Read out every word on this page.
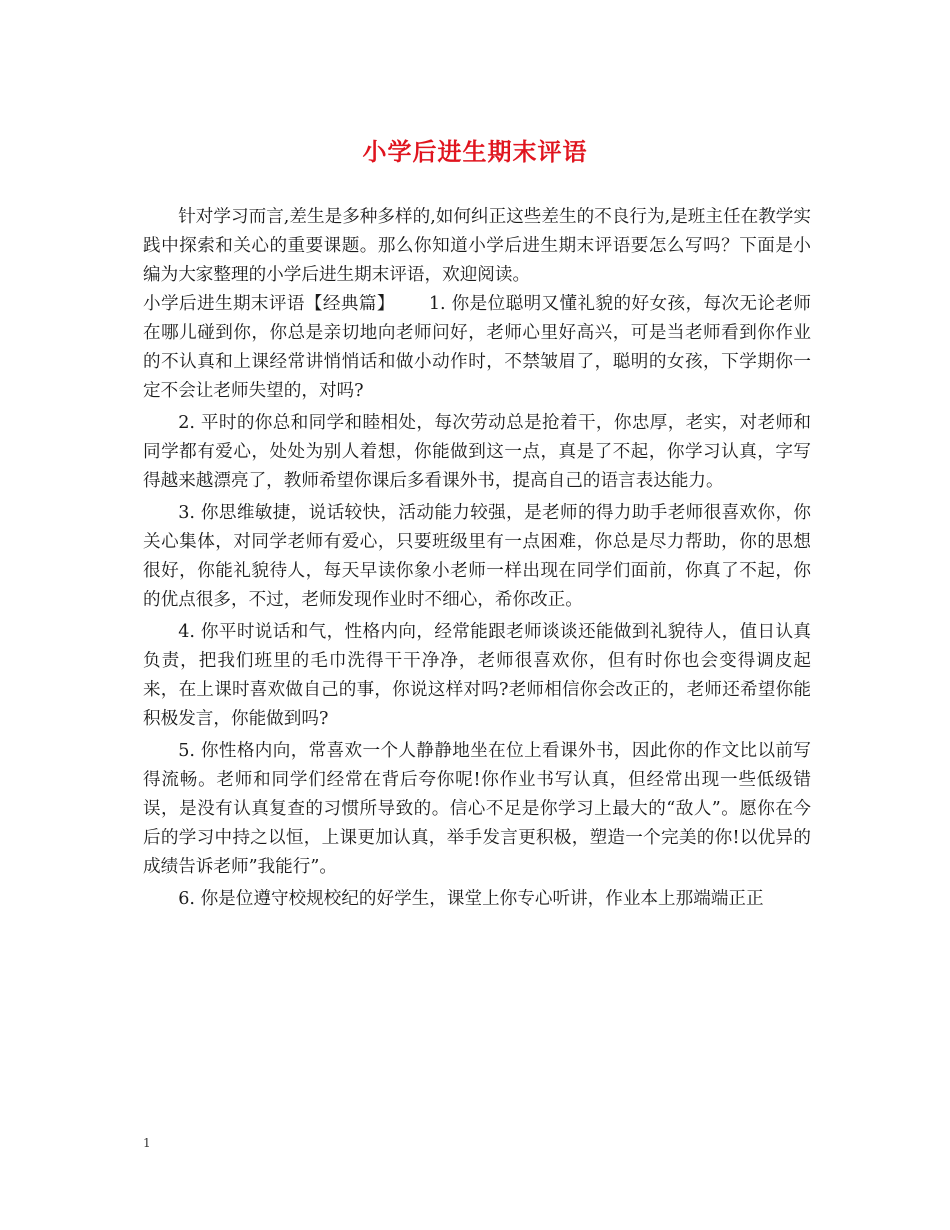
小学后进生期末评语

针对学习而言,差生是多种多样的,如何纠正这些差生的不良行为,是班主任在教学实践中探索和关心的重要课题。那么你知道小学后进生期末评语要怎么写吗？下面是小编为大家整理的小学后进生期末评语，欢迎阅读。

小学后进生期末评语【经典篇】 1. 你是位聪明又懂礼貌的好女孩，每次无论老师在哪儿碰到你，你总是亲切地向老师问好，老师心里好高兴，可是当老师看到你作业的不认真和上课经常讲悄悄话和做小动作时，不禁皱眉了，聪明的女孩，下学期你一定不会让老师失望的，对吗?

2. 平时的你总和同学和睦相处，每次劳动总是抢着干，你忠厚，老实，对老师和同学都有爱心，处处为别人着想，你能做到这一点，真是了不起，你学习认真，字写得越来越漂亮了，教师希望你课后多看课外书，提高自己的语言表达能力。

3. 你思维敏捷，说话较快，活动能力较强，是老师的得力助手老师很喜欢你，你关心集体，对同学老师有爱心，只要班级里有一点困难，你总是尽力帮助，你的思想很好，你能礼貌待人，每天早读你象小老师一样出现在同学们面前，你真了不起，你的优点很多，不过，老师发现作业时不细心，希你改正。

4. 你平时说话和气，性格内向，经常能跟老师谈谈还能做到礼貌待人，值日认真负责，把我们班里的毛巾洗得干干净净，老师很喜欢你，但有时你也会变得调皮起来，在上课时喜欢做自己的事，你说这样对吗?老师相信你会改正的，老师还希望你能积极发言，你能做到吗?

5. 你性格内向，常喜欢一个人静静地坐在位上看课外书，因此你的作文比以前写得流畅。老师和同学们经常在背后夸你呢!你作业书写认真，但经常出现一些低级错误，是没有认真复查的习惯所导致的。信心不足是你学习上最大的“敌人”。愿你在今后的学习中持之以恒，上课更加认真，举手发言更积极，塑造一个完美的你!以优异的成绩告诉老师”我能行”。

6. 你是位遵守校规校纪的好学生，课堂上你专心听讲，作业本上那端端正正

1
